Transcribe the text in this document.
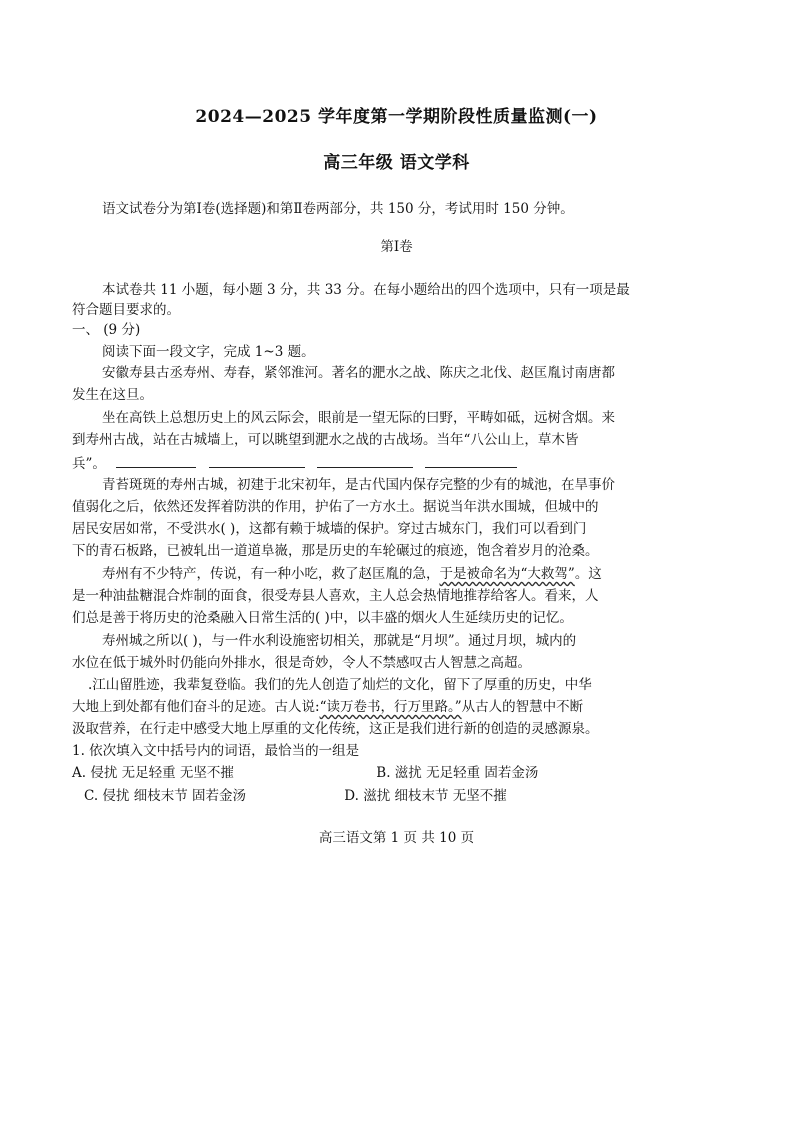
2024—2025 学年度第一学期阶段性质量监测(一)
高三年级 语文学科
语文试卷分为第Ⅰ卷(选择题)和第Ⅱ卷两部分，共 150 分，考试用时 150 分钟。
第Ⅰ卷
本试卷共 11 小题，每小题 3 分，共 33 分。在每小题给出的四个选项中，只有一项是最
符合题目要求的。
一、 (9 分)
阅读下面一段文字，完成 1~3 题。
安徽寿县古丞寿州、寿春，紧邻淮河。著名的淝水之战、陈庆之北伐、赵匡胤讨南唐都
发生在这旦。
坐在高铁上总想历史上的风云际会，眼前是一望无际的曰野，平畴如砥，远树含烟。来
到寿州古战，站在古城墙上，可以眺望到淝水之战的古战场。当年“八公山上，草木皆
兵”。
青苔斑斑的寿州古城，初建于北宋初年，是古代国内保存完整的少有的城池，在旱事价
值弱化之后，依然还发挥着防洪的作用，护佑了一方水土。据说当年洪水围城，但城中的
居民安居如常，不受洪水( )，这都有赖于城墙的保护。穿过古城东门，我们可以看到门
下的青石板路，已被轧出一道道阜嶶，那是历史的车轮碾过的痕迹，饱含着岁月的沧桑。
寿州有不少特产，传说，有一种小吃，救了赵匡胤的急，于是被命名为“大救驾”。这
是一种油盐糖混合炸制的面食，很受寿县人喜欢，主人总会热情地推荐给客人。看来，人
们总是善于将历史的沧桑融入日常生活的( )中，以丰盛的烟火人生延续历史的记忆。
寿州城之所以( )，与一件水利设施密切相关，那就是“月坝”。通过月坝，城内的
水位在低于城外时仍能向外排水，很是奇妙，令人不禁感叹古人智慧之高超。
.江山留胜迹，我辈复登临。我们的先人创造了灿烂的文化，留下了厚重的历史，中华
大地上到处都有他们奋斗的足迹。古人说:“读万卷书，行万里路。”从古人的智慧中不断
汲取营养，在行走中感受大地上厚重的文化传统，这正是我们进行新的创造的灵感源泉。
1. 依次填入文中括号内的词语，最恰当的一组是
A. 侵扰 无足轻重 无坚不摧	B. 滋扰 无足轻重 固若金汤
C. 侵扰 细枝末节 固若金汤	D. 滋扰 细枝末节 无坚不摧
高三语文第 1 页 共 10 页
